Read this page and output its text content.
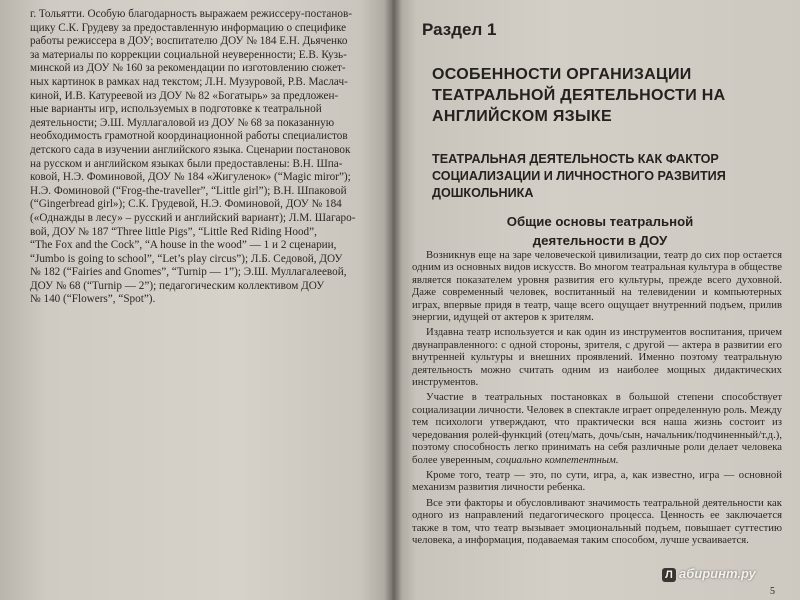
г. Тольятти. Особую благодарность выражаем режиссеру-постанов-
щику С.К. Грудеву за предоставленную информацию о специфике
работы режиссера в ДОУ; воспитателю ДОУ № 184 Е.Н. Дьяченко
за материалы по коррекции социальной неуверенности; Е.В. Кузь-
минской из ДОУ № 160 за рекомендации по изготовлению сюжет-
ных картинок в рамках над текстом; Л.Н. Музуровой, Р.В. Маслач-
киной, И.В. Катуреевой из ДОУ № 82 «Богатырь» за предложен-
ные варианты игр, используемых в подготовке к театральной
деятельности; Э.Ш. Муллагаловой из ДОУ № 68 за показанную
необходимость грамотной координационной работы специалистов
детского сада в изучении английского языка. Сценарии постановок
на русском и английском языках были предоставлены: В.Н. Шпа-
ковой, Н.Э. Фоминовой, ДОУ № 184 «Жигуленок» (“Magic miror”);
Н.Э. Фоминовой (“Frog-the-traveller”, “Little girl”); В.Н. Шпаковой
(“Gingerbread girl»); С.К. Грудевой, Н.Э. Фоминовой, ДОУ № 184
(«Однажды в лесу» – русский и английский вариант); Л.М. Шагаро-
вой, ДОУ № 187 “Three little Pigs”, “Little Red Riding Hood”,
“The Fox and the Cock”, “A house in the wood” — 1 и 2 сценарии,
“Jumbo is going to school”, “Let’s play circus”); Л.Б. Седовой, ДОУ
№ 182 (“Fairies and Gnomes”, “Turnip — 1”); Э.Ш. Муллагалеевой,
ДОУ № 68 (“Turnip — 2”); педагогическим коллективом ДОУ
№ 140 (“Flowers”, “Spot”).
Раздел 1
ОСОБЕННОСТИ ОРГАНИЗАЦИИ ТЕАТРАЛЬНОЙ ДЕЯТЕЛЬНОСТИ НА АНГЛИЙСКОМ ЯЗЫКЕ
ТЕАТРАЛЬНАЯ ДЕЯТЕЛЬНОСТЬ КАК ФАКТОР СОЦИАЛИЗАЦИИ И ЛИЧНОСТНОГО РАЗВИТИЯ ДОШКОЛЬНИКА
Общие основы театральной
деятельности в ДОУ

Возникнув еще на заре человеческой цивилизации, театр до сих пор остается одним из основных видов искусств. Во многом театральная культура в обществе является показателем уровня развития его культуры, прежде всего духовной. Даже современный человек, воспитанный на телевидении и компьютерных играх, впервые придя в театр, чаще всего ощущает внутренний подъем, прилив энергии, идущей от актеров к зрителям.

Издавна театр используется и как один из инструментов воспитания, причем двунаправленного: с одной стороны, зрителя, с другой — актера в развитии его внутренней культуры и внешних проявлений. Именно поэтому театральную деятельность можно считать одним из наиболее мощных дидактических инструментов.

Участие в театральных постановках в большой степени способствует социализации личности. Человек в спектакле играет определенную роль. Между тем психологи утверждают, что практически вся наша жизнь состоит из чередования ролей-функций (отец/мать, дочь/сын, начальник/подчиненный/т.д.), поэтому способность легко принимать на себя различные роли делает человека более уверенным, социально компетентным.

Кроме того, театр — это, по сути, игра, а, как известно, игра — основной механизм развития личности ребенка.

Все эти факторы и обусловливают значимость театральной деятельности как одного из направлений педагогического процесса. Ценность ее заключается также в том, что театр вызывает эмоциональный подъем, повышает суттестию человека, а информация, подаваемая таким способом, лучше усваивается.

Л абиринт.ру
5
